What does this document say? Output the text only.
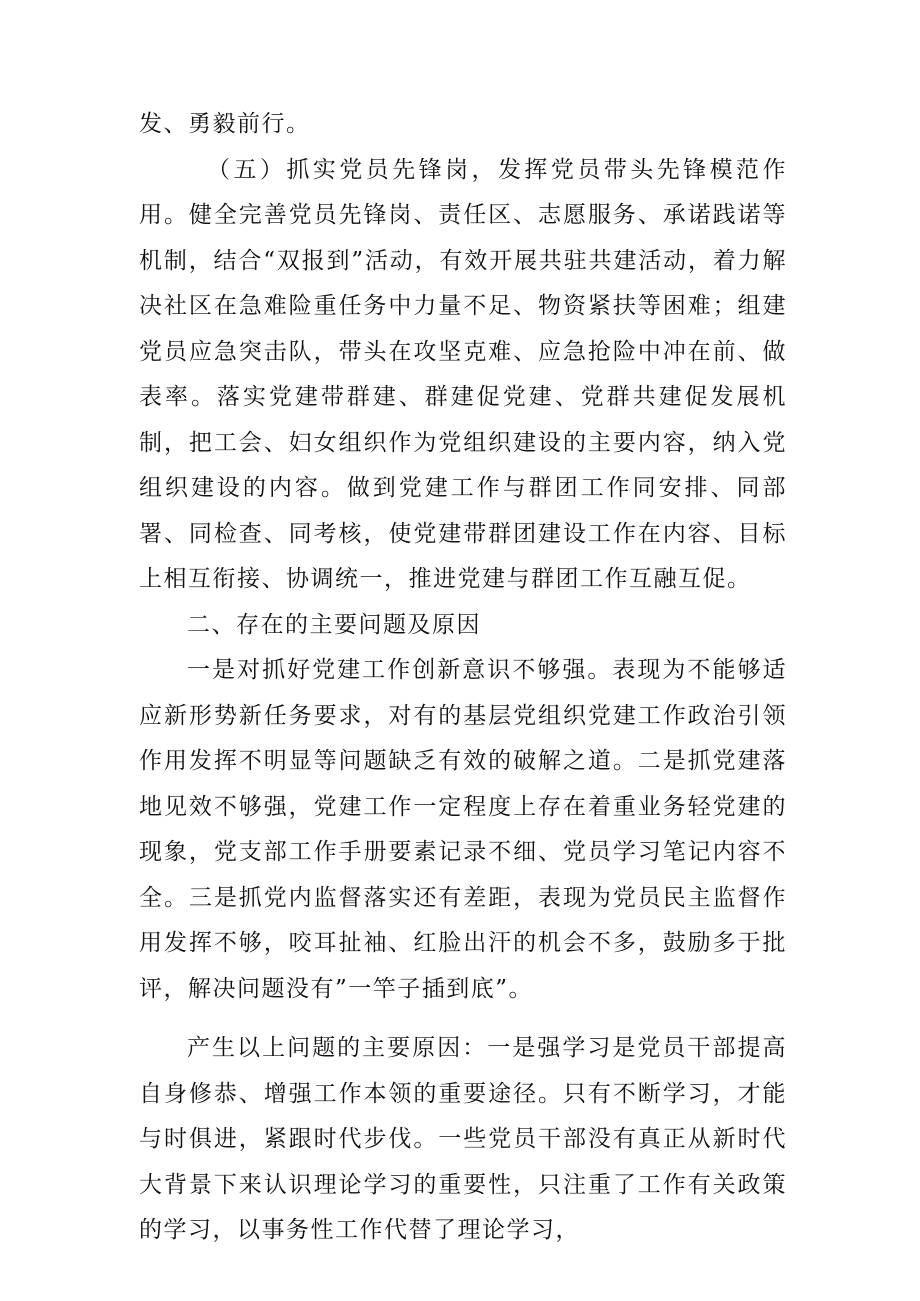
发、勇毅前行。

（五）抓实党员先锋岗，发挥党员带头先锋模范作用。健全完善党员先锋岗、责任区、志愿服务、承诺践诺等机制，结合“双报到”活动，有效开展共驻共建活动，着力解决社区在急难险重任务中力量不足、物资紧扶等困难；组建党员应急突击队，带头在攻坚克难、应急抢险中冲在前、做表率。落实党建带群建、群建促党建、党群共建促发展机制，把工会、妇女组织作为党组织建设的主要内容，纳入党组织建设的内容。做到党建工作与群团工作同安排、同部署、同检查、同考核，使党建带群团建设工作在内容、目标上相互衔接、协调统一，推进党建与群团工作互融互促。

二、存在的主要问题及原因

一是对抓好党建工作创新意识不够强。表现为不能够适应新形势新任务要求，对有的基层党组织党建工作政治引领作用发挥不明显等问题缺乏有效的破解之道。二是抓党建落地见效不够强，党建工作一定程度上存在着重业务轻党建的现象，党支部工作手册要素记录不细、党员学习笔记内容不全。三是抓党内监督落实还有差距，表现为党员民主监督作用发挥不够，咬耳扯袖、红脸出汗的机会不多，鼓励多于批评，解决问题没有”一竿子插到底”。

产生以上问题的主要原因：一是强学习是党员干部提高自身修恭、增强工作本领的重要途径。只有不断学习，才能与时俱进，紧跟时代步伐。一些党员干部没有真正从新时代大背景下来认识理论学习的重要性，只注重了工作有关政策的学习，以事务性工作代替了理论学习，
